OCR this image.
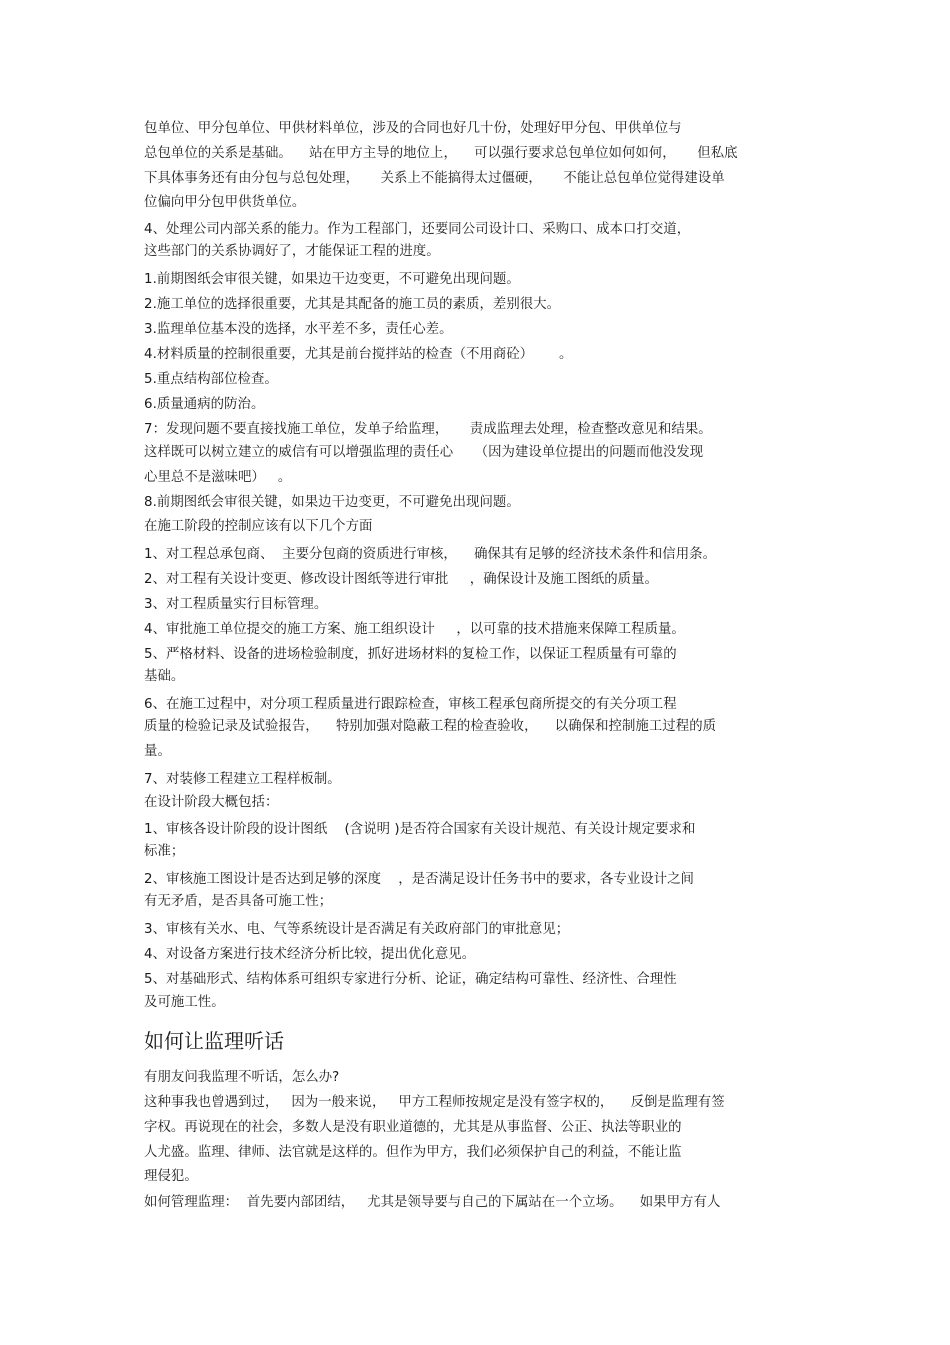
包单位、甲分包单位、甲供材料单位，涉及的合同也好几十份，处理好甲分包、甲供单位与
总包单位的关系是基础。    站在甲方主导的地位上，    可以强行要求总包单位如何如何，     但私底
下具体事务还有由分包与总包处理，     关系上不能搞得太过僵硬，     不能让总包单位觉得建设单
位偏向甲分包甲供货单位。
4、处理公司内部关系的能力。作为工程部门，还要同公司设计口、采购口、成本口打交道，
这些部门的关系协调好了，才能保证工程的进度。
1.前期图纸会审很关键，如果边干边变更，不可避免出现问题。
2.施工单位的选择很重要，尤其是其配备的施工员的素质，差别很大。
3.监理单位基本没的选择，水平差不多，责任心差。
4.材料质量的控制很重要，尤其是前台搅拌站的检查（不用商砼）      。
5.重点结构部位检查。
6.质量通病的防治。
7：发现问题不要直接找施工单位，发单子给监理，     责成监理去处理，检查整改意见和结果。
这样既可以树立建立的威信有可以增强监理的责任心     （因为建设单位提出的问题而他没发现
心里总不是滋味吧）   。
8.前期图纸会审很关键，如果边干边变更，不可避免出现问题。
在施工阶段的控制应该有以下几个方面
1、对工程总承包商、  主要分包商的资质进行审核，    确保其有足够的经济技术条件和信用条。
2、对工程有关设计变更、修改设计图纸等进行审批     ，确保设计及施工图纸的质量。
3、对工程质量实行目标管理。
4、审批施工单位提交的施工方案、施工组织设计     ，以可靠的技术措施来保障工程质量。
5、严格材料、设备的进场检验制度，抓好进场材料的复检工作，以保证工程质量有可靠的
基础。
6、在施工过程中，对分项工程质量进行跟踪检查，审核工程承包商所提交的有关分项工程
质量的检验记录及试验报告，    特别加强对隐蔽工程的检查验收，    以确保和控制施工过程的质
量。
7、对装修工程建立工程样板制。
在设计阶段大概包括：
1、审核各设计阶段的设计图纸    (含说明 )是否符合国家有关设计规范、有关设计规定要求和
标准；
2、审核施工图设计是否达到足够的深度    ，是否满足设计任务书中的要求，各专业设计之间
有无矛盾，是否具备可施工性；
3、审核有关水、电、气等系统设计是否满足有关政府部门的审批意见；
4、对设备方案进行技术经济分析比较，提出优化意见。
5、对基础形式、结构体系可组织专家进行分析、论证，确定结构可靠性、经济性、合理性
及可施工性。
如何让监理听话
有朋友问我监理不听话，怎么办?
这种事我也曾遇到过，   因为一般来说，   甲方工程师按规定是没有签字权的，    反倒是监理有签
字权。再说现在的社会，多数人是没有职业道德的，尤其是从事监督、公正、执法等职业的
人尤盛。监理、律师、法官就是这样的。但作为甲方，我们必须保护自己的利益，不能让监
理侵犯。
如何管理监理：  首先要内部团结，   尤其是领导要与自己的下属站在一个立场。    如果甲方有人
